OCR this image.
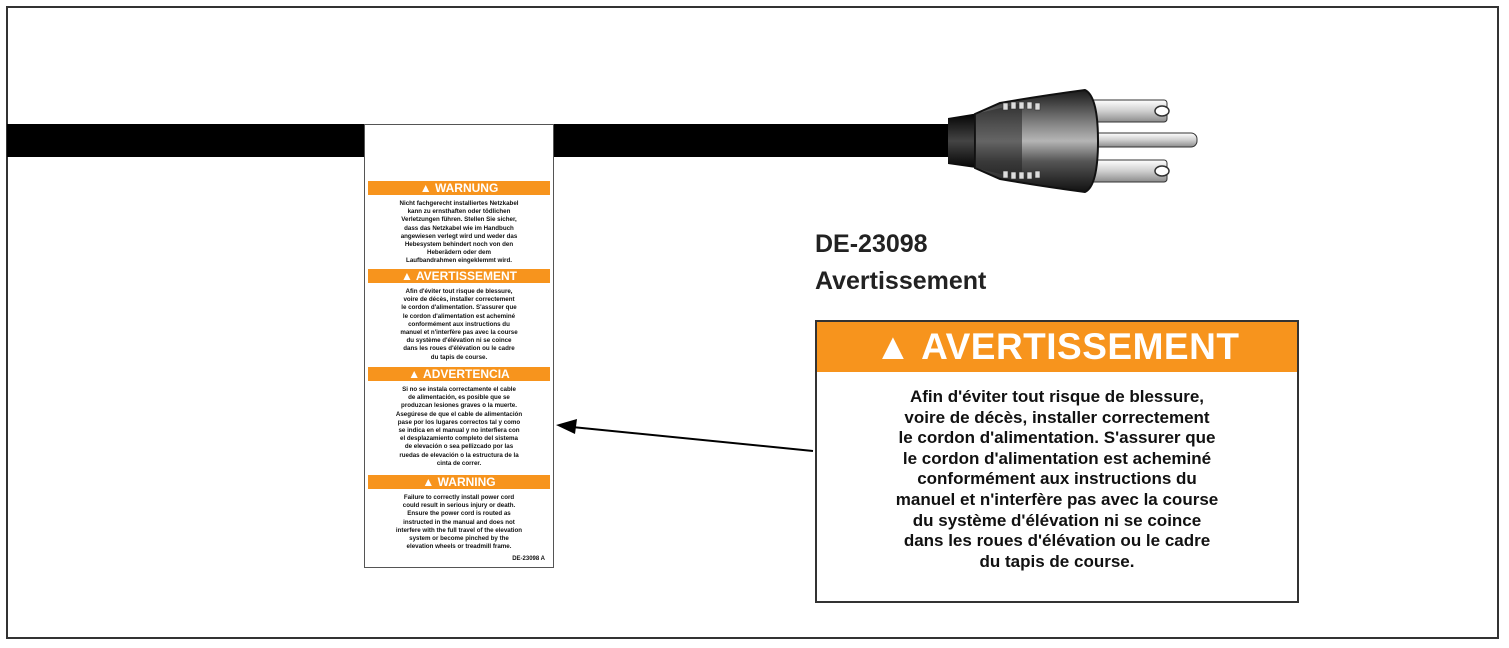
▲ WARNUNG
Nicht fachgerecht installiertes Netzkabel
kann zu ernsthaften oder tödlichen
Verletzungen führen. Stellen Sie sicher,
dass das Netzkabel wie im Handbuch
angewiesen verlegt wird und weder das
Hebesystem behindert noch von den
Heberädern oder dem
Laufbandrahmen eingeklemmt wird.
▲ AVERTISSEMENT
Afin d'éviter tout risque de blessure,
voire de décès, installer correctement
le cordon d'alimentation. S'assurer que
le cordon d'alimentation est acheminé
conformément aux instructions du
manuel et n'interfère pas avec la course
du système d'élévation ni se coince
dans les roues d'élévation ou le cadre
du tapis de course.
▲ ADVERTENCIA
Si no se instala correctamente el cable
de alimentación, es posible que se
produzcan lesiones graves o la muerte.
Asegúrese de que el cable de alimentación
pase por los lugares correctos tal y como
se indica en el manual y no interfiera con
el desplazamiento completo del sistema
de elevación o sea pellizcado por las
ruedas de elevación o la estructura de la
cinta de correr.
▲ WARNING
Failure to correctly install power cord
could result in serious injury or death.
Ensure the power cord is routed as
instructed in the manual and does not
interfere with the full travel of the elevation
system or become pinched by the
elevation wheels or treadmill frame.
DE-23098 A
DE-23098
Avertissement
▲ AVERTISSEMENT
Afin d'éviter tout risque de blessure,
voire de décès, installer correctement
le cordon d'alimentation. S'assurer que
le cordon d'alimentation est acheminé
conformément aux instructions du
manuel et n'interfère pas avec la course
du système d'élévation ni se coince
dans les roues d'élévation ou le cadre
du tapis de course.
